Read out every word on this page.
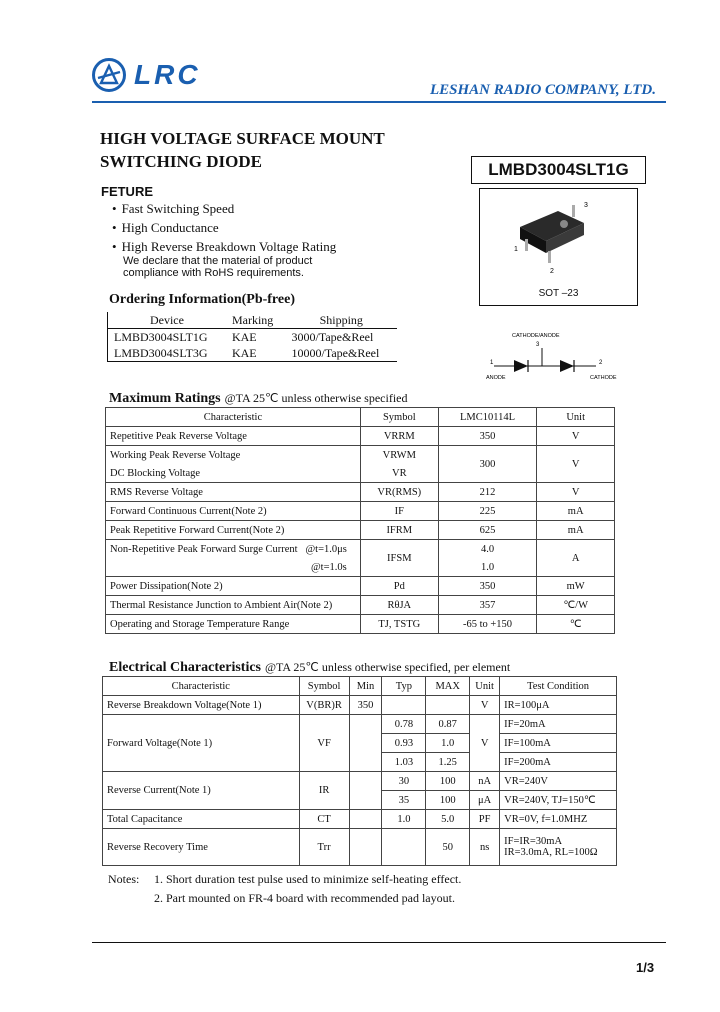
LRC	LESHAN RADIO COMPANY, LTD.
HIGH VOLTAGE SURFACE MOUNT
SWITCHING DIODE	LMBD3004SLT1G
FETURE
• Fast Switching Speed
• High Conductance
• High Reverse Breakdown Voltage Rating
We declare that the material of product
compliance with RoHS requirements.
3
1
2
SOT –23
Ordering Information(Pb-free)
Device	Marking	Shipping
LMBD3004SLT1G	KAE	3000/Tape&Reel
LMBD3004SLT3G	KAE	10000/Tape&Reel
CATHODE/ANODE
3
1	2
ANODE	CATHODE
Maximum Ratings @TA 25℃ unless otherwise specified
Characteristic	Symbol	LMC10114L	Unit
Repetitive Peak Reverse Voltage	VRRM	350	V
Working Peak Reverse Voltage	VRWM	300	V
DC Blocking Voltage	VR		
RMS Reverse Voltage	VR(RMS)	212	V
Forward Continuous Current(Note 2)	IF	225	mA
Peak Repetitive Forward Current(Note 2)	IFRM	625	mA
Non-Repetitive Peak Forward Surge Current @t=1.0μs	IFSM	4.0	A
@t=1.0s		1.0	
Power Dissipation(Note 2)	Pd	350	mW
Thermal Resistance Junction to Ambient Air(Note 2)	RθJA	357	℃/W
Operating and Storage Temperature Range	TJ, TSTG	-65 to +150	℃
Electrical Characteristics @TA 25℃ unless otherwise specified, per element
Characteristic	Symbol	Min	Typ	MAX	Unit	Test Condition
Reverse Breakdown Voltage(Note 1)	V(BR)R	350			V	IR=100μA
Forward Voltage(Note 1)	VF		0.78	0.87	V	IF=20mA
			0.93	1.0		IF=100mA
			1.03	1.25		IF=200mA
Reverse Current(Note 1)	IR		30	100	nA	VR=240V
			35	100	μA	VR=240V, TJ=150℃
Total Capacitance	CT		1.0	5.0	PF	VR=0V, f=1.0MHZ
Reverse Recovery Time	Trr			50	ns	IF=IR=30mA
IR=3.0mA, RL=100Ω
Notes:	1. Short duration test pulse used to minimize self-heating effect.
2. Part mounted on FR-4 board with recommended pad layout.
1/3
